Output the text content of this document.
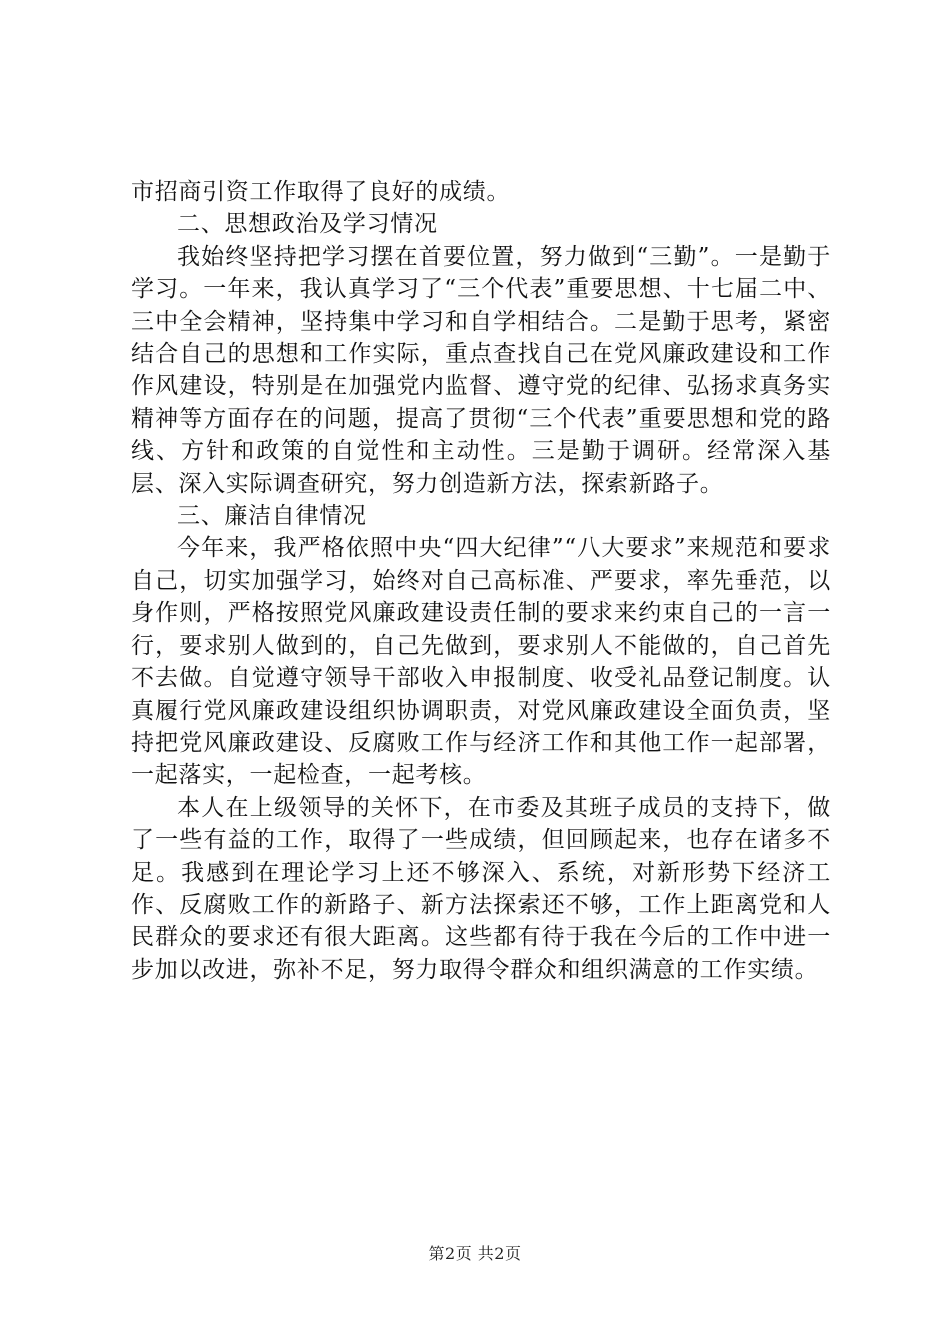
市招商引资工作取得了良好的成绩。

二、思想政治及学习情况

我始终坚持把学习摆在首要位置，努力做到“三勤”。一是勤于学习。一年来，我认真学习了“三个代表”重要思想、十七届二中、三中全会精神，坚持集中学习和自学相结合。二是勤于思考，紧密结合自己的思想和工作实际，重点查找自己在党风廉政建设和工作作风建设，特别是在加强党内监督、遵守党的纪律、弘扬求真务实精神等方面存在的问题，提高了贯彻“三个代表”重要思想和党的路线、方针和政策的自觉性和主动性。三是勤于调研。经常深入基层、深入实际调查研究，努力创造新方法，探索新路子。

三、廉洁自律情况

今年来，我严格依照中央“四大纪律”“八大要求”来规范和要求自己，切实加强学习，始终对自己高标准、严要求，率先垂范，以身作则，严格按照党风廉政建设责任制的要求来约束自己的一言一行，要求别人做到的，自己先做到，要求别人不能做的，自己首先不去做。自觉遵守领导干部收入申报制度、收受礼品登记制度。认真履行党风廉政建设组织协调职责，对党风廉政建设全面负责，坚持把党风廉政建设、反腐败工作与经济工作和其他工作一起部署，一起落实，一起检查，一起考核。

本人在上级领导的关怀下，在市委及其班子成员的支持下，做了一些有益的工作，取得了一些成绩，但回顾起来，也存在诸多不足。我感到在理论学习上还不够深入、系统，对新形势下经济工作、反腐败工作的新路子、新方法探索还不够，工作上距离党和人民群众的要求还有很大距离。这些都有待于我在今后的工作中进一步加以改进，弥补不足，努力取得令群众和组织满意的工作实绩。

第2页 共2页
